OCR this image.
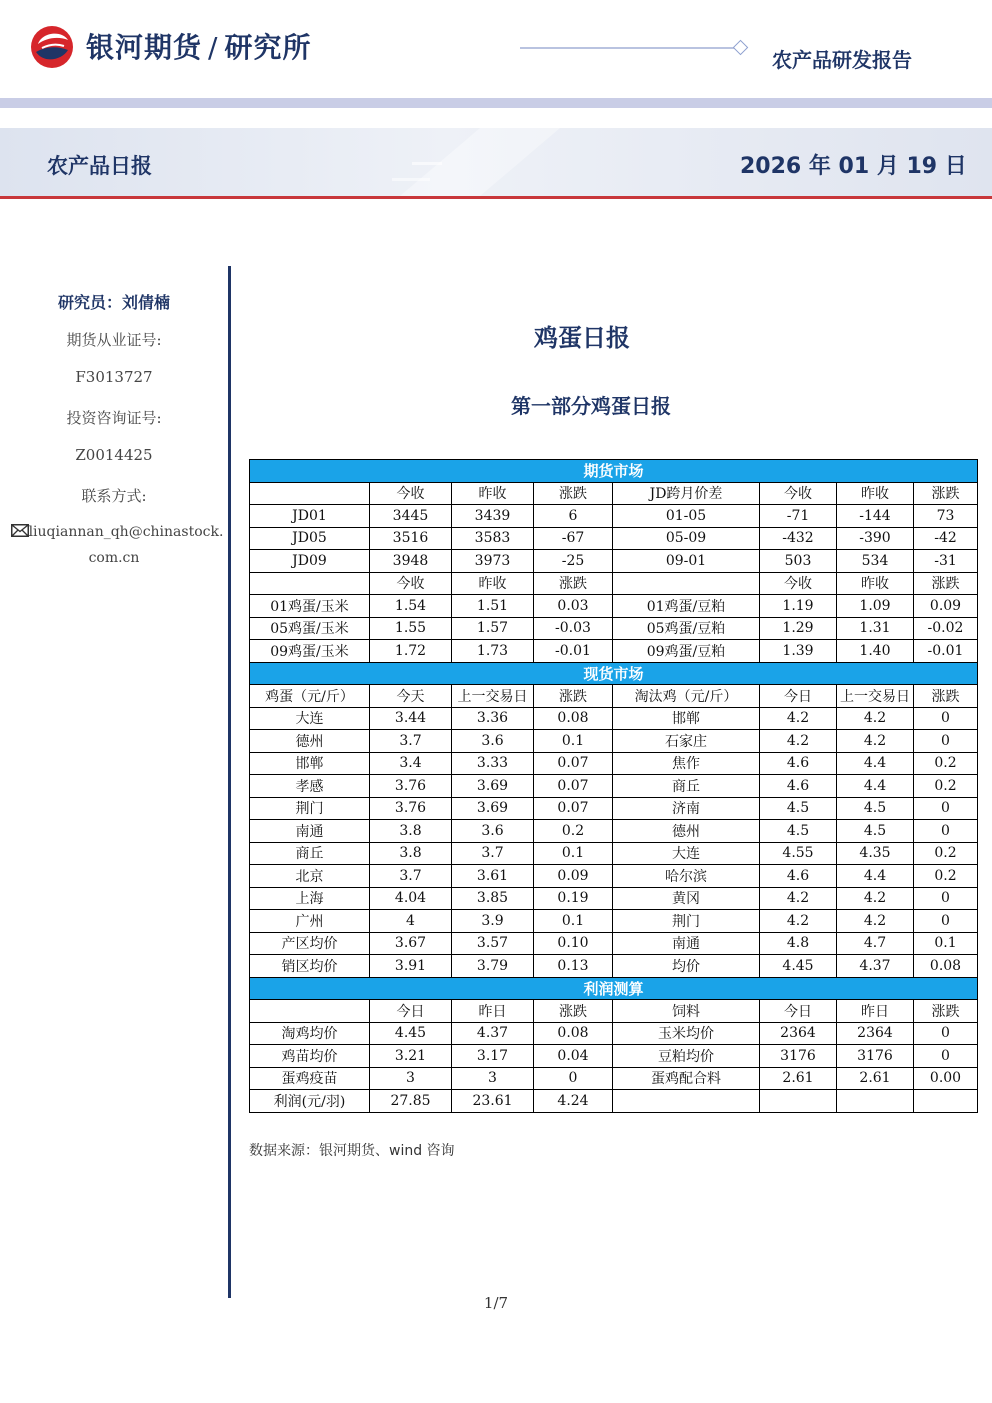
银河期货 / 研究所	农产品研发报告
农产品日报	2026 年 01 月 19 日
研究员：刘倩楠
期货从业证号:
F3013727
投资咨询证号:
Z0014425
联系方式:
liuqiannan_qh@chinastock.
com.cn
鸡蛋日报
第一部分鸡蛋日报
期货市场							
	今收	昨收	涨跌	JD跨月价差	今收	昨收	涨跌
JD01	3445	3439	6	01-05	-71	-144	73
JD05	3516	3583	-67	05-09	-432	-390	-42
JD09	3948	3973	-25	09-01	503	534	-31
	今收	昨收	涨跌		今收	昨收	涨跌
01鸡蛋/玉米	1.54	1.51	0.03	01鸡蛋/豆粕	1.19	1.09	0.09
05鸡蛋/玉米	1.55	1.57	-0.03	05鸡蛋/豆粕	1.29	1.31	-0.02
09鸡蛋/玉米	1.72	1.73	-0.01	09鸡蛋/豆粕	1.39	1.40	-0.01
现货市场							
鸡蛋（元/斤）	今天	上一交易日	涨跌	淘汰鸡（元/斤）	今日	上一交易日	涨跌
大连	3.44	3.36	0.08	邯郸	4.2	4.2	0
德州	3.7	3.6	0.1	石家庄	4.2	4.2	0
邯郸	3.4	3.33	0.07	焦作	4.6	4.4	0.2
孝感	3.76	3.69	0.07	商丘	4.6	4.4	0.2
荆门	3.76	3.69	0.07	济南	4.5	4.5	0
南通	3.8	3.6	0.2	德州	4.5	4.5	0
商丘	3.8	3.7	0.1	大连	4.55	4.35	0.2
北京	3.7	3.61	0.09	哈尔滨	4.6	4.4	0.2
上海	4.04	3.85	0.19	黄冈	4.2	4.2	0
广州	4	3.9	0.1	荆门	4.2	4.2	0
产区均价	3.67	3.57	0.10	南通	4.8	4.7	0.1
销区均价	3.91	3.79	0.13	均价	4.45	4.37	0.08
利润测算							
	今日	昨日	涨跌	饲料	今日	昨日	涨跌
淘鸡均价	4.45	4.37	0.08	玉米均价	2364	2364	0
鸡苗均价	3.21	3.17	0.04	豆粕均价	3176	3176	0
蛋鸡疫苗	3	3	0	蛋鸡配合料	2.61	2.61	0.00
利润(元/羽)	27.85	23.61	4.24				
数据来源：银河期货、wind 咨询
1/7
